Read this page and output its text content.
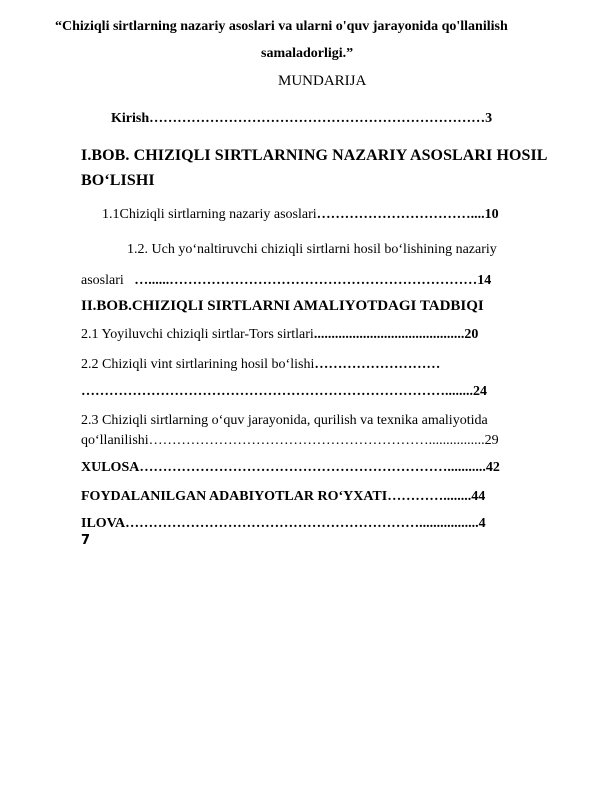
“Chiziqli sirtlarning nazariy asoslari va ularni o'quv jarayonida qo'llanilish
samaladorligi.”
MUNDARIJA
Kirish………………………………………………………………3
I.BOB. CHIZIQLI SIRTLARNING NAZARIY ASOSLARI HOSIL
BO‘LISHI
1.1Chiziqli sirtlarning nazariy asoslari……………………………....10
1.2. Uch yo‘naltiruvchi chiziqli sirtlarni hosil bo‘lishining nazariy
asoslari …......…………………………………………………………14
II.BOB.CHIZIQLI SIRTLARNI AMALIYOTDAGI TADBIQI
2.1 Yoyiluvchi chiziqli sirtlar-Tors sirtlari...........................................20
2.2 Chiziqli vint sirtlarining hosil bo‘lishi………………………
……………………………………………………………………........24
2.3 Chiziqli sirtlarning o‘quv jarayonida, qurilish va texnika amaliyotida
qo‘llanilishi……………………………………………………................29
XULOSA…………………………………………………………...........42
FOYDALANILGAN ADABIYOTLAR RO‘YXATI…………........44
ILOVA……………………………………………………….................4
7
